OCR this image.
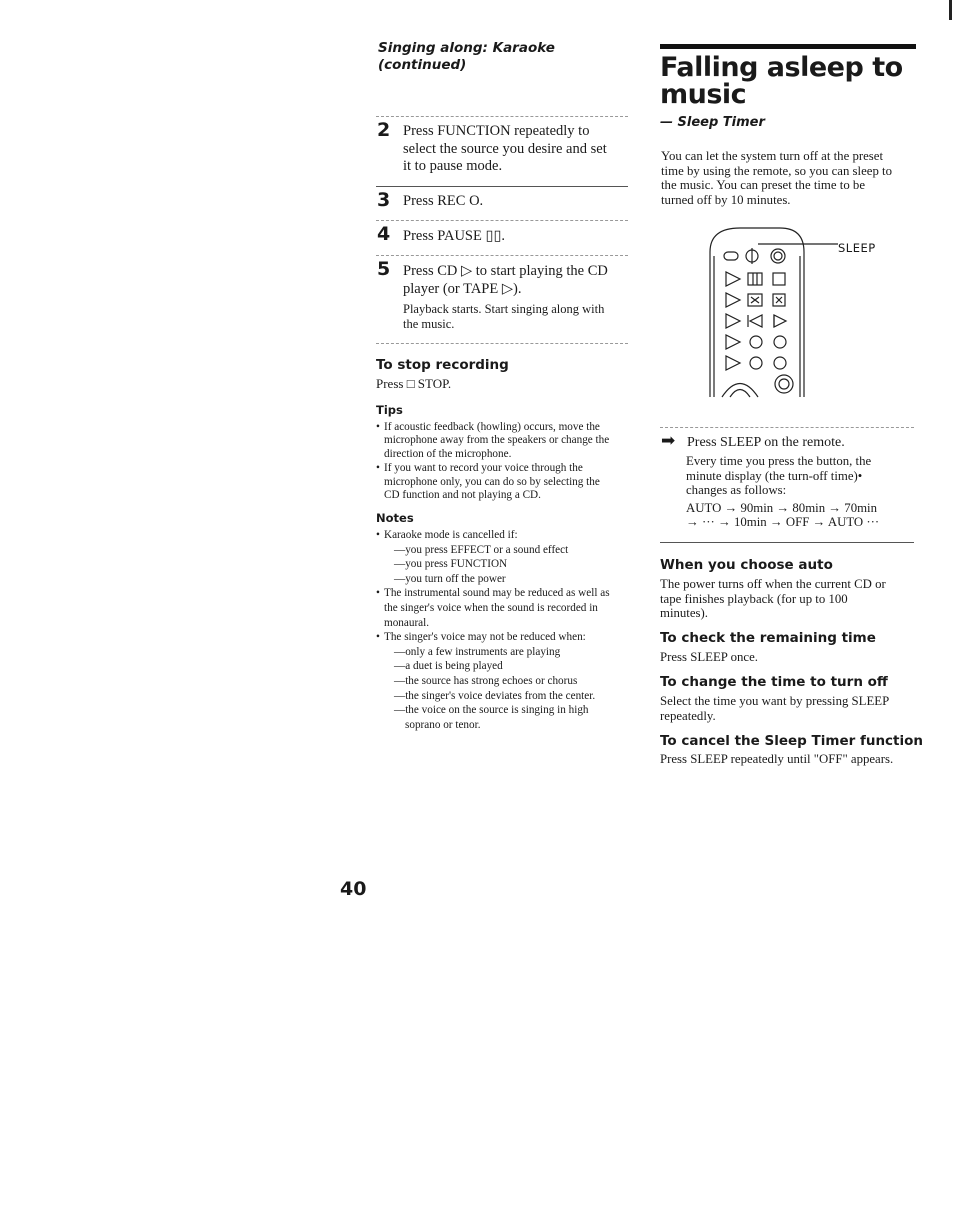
Singing along: Karaoke
(continued)
2 Press FUNCTION repeatedly to
select the source you desire and set
it to pause mode.
3 Press REC O.
4 Press PAUSE ▯▯.
5 Press CD ▷ to start playing the CD
player (or TAPE ▷).
Playback starts. Start singing along with
the music.
To stop recording
Press □ STOP.
Tips
• If acoustic feedback (howling) occurs, move the
microphone away from the speakers or change the
direction of the microphone.
• If you want to record your voice through the
microphone only, you can do so by selecting the
CD function and not playing a CD.
Notes
• Karaoke mode is cancelled if:
—you press EFFECT or a sound effect
—you press FUNCTION
—you turn off the power
• The instrumental sound may be reduced as well as
the singer's voice when the sound is recorded in
monaural.
• The singer's voice may not be reduced when:
—only a few instruments are playing
—a duet is being played
—the source has strong echoes or chorus
—the singer's voice deviates from the center.
—the voice on the source is singing in high
soprano or tenor.
Falling asleep to
music
— Sleep Timer
You can let the system turn off at the preset
time by using the remote, so you can sleep to
the music. You can preset the time to be
turned off by 10 minutes.
SLEEP
➡ Press SLEEP on the remote.
Every time you press the button, the
minute display (the turn-off time)•
changes as follows:
AUTO → 90min → 80min → 70min
→ ··· → 10min → OFF → AUTO ···
When you choose auto
The power turns off when the current CD or
tape finishes playback (for up to 100
minutes).
To check the remaining time
Press SLEEP once.
To change the time to turn off
Select the time you want by pressing SLEEP
repeatedly.
To cancel the Sleep Timer function
Press SLEEP repeatedly until "OFF" appears.
40
